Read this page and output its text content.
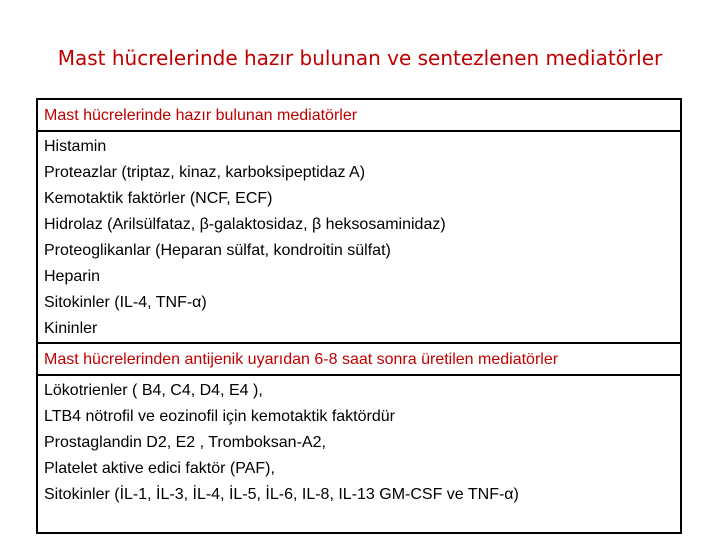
Mast hücrelerinde hazır bulunan ve sentezlenen mediatörler
Mast hücrelerinde hazır bulunan mediatörler
Histamin
Proteazlar (triptaz, kinaz, karboksipeptidaz A)
Kemotaktik faktörler (NCF, ECF)
Hidrolaz (Arilsülfataz, β-galaktosidaz, β heksosaminidaz)
Proteoglikanlar (Heparan sülfat, kondroitin sülfat)
Heparin
Sitokinler (IL-4, TNF-α)
Kininler
Mast hücrelerinden antijenik uyarıdan 6-8 saat sonra üretilen mediatörler
Lökotrienler ( B4, C4, D4, E4 ),
LTB4 nötrofil ve eozinofil için kemotaktik faktördür
Prostaglandin D2, E2 , Tromboksan-A2,
Platelet aktive edici faktör (PAF),
Sitokinler (İL-1, İL-3, İL-4, İL-5, İL-6, IL-8, IL-13 GM-CSF ve TNF-α)
